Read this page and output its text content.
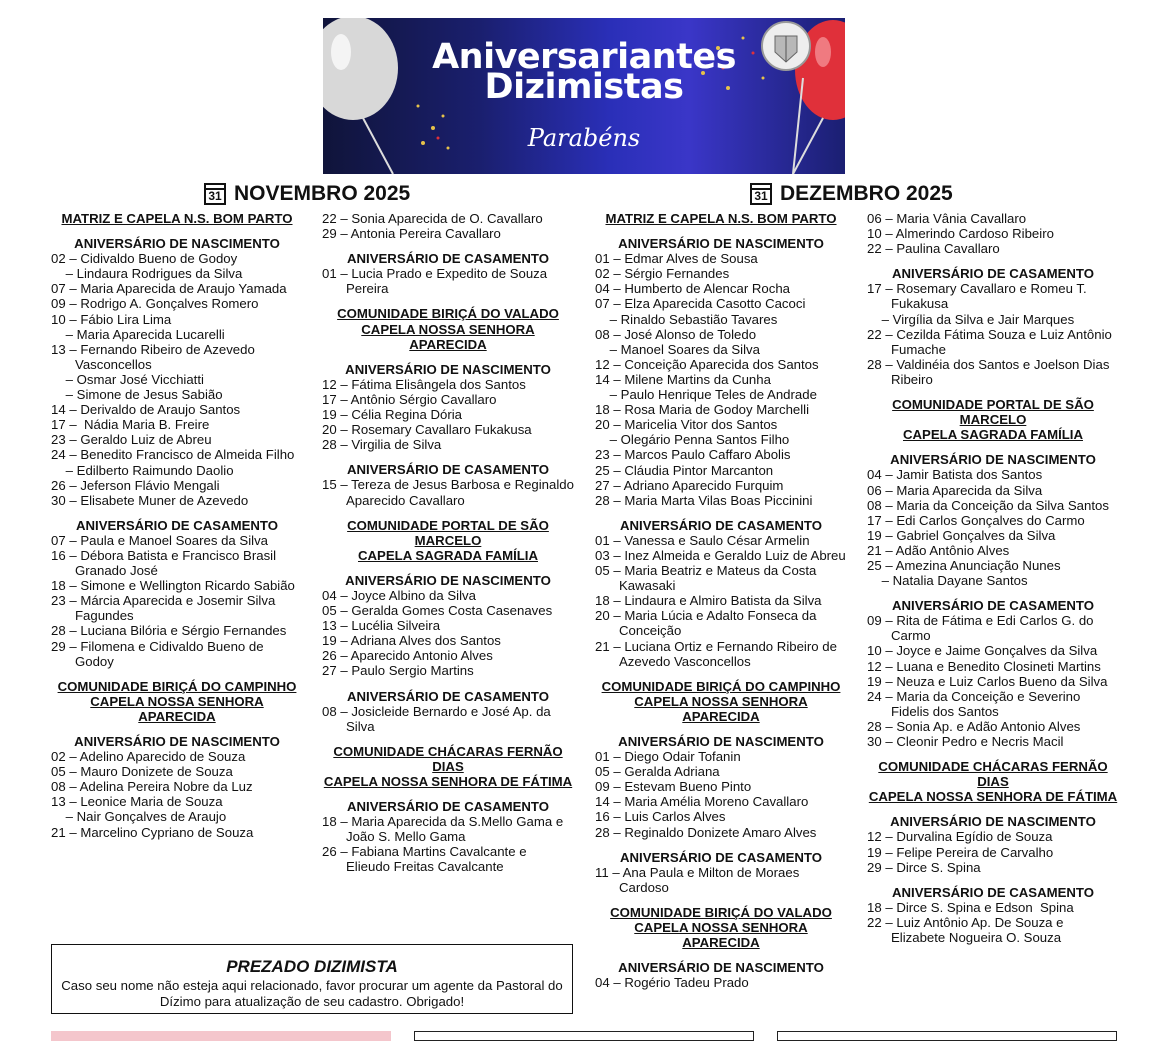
Aniversariantes
Dizimistas
Parabéns
31 NOVEMBRO 2025	31 DEZEMBRO 2025
MATRIZ E CAPELA N.S. BOM PARTO
ANIVERSÁRIO DE NASCIMENTO
02 – Cidivaldo Bueno de Godoy
– Lindaura Rodrigues da Silva
07 – Maria Aparecida de Araujo Yamada
09 – Rodrigo A. Gonçalves Romero
10 – Fábio Lira Lima
– Maria Aparecida Lucarelli
13 – Fernando Ribeiro de Azevedo Vasconcellos
– Osmar José Vicchiatti
– Simone de Jesus Sabião
14 – Derivaldo de Araujo Santos
17 –  Nádia Maria B. Freire
23 – Geraldo Luiz de Abreu
24 – Benedito Francisco de Almeida Filho
– Edilberto Raimundo Daolio
26 – Jeferson Flávio Mengali
30 – Elisabete Muner de Azevedo
ANIVERSÁRIO DE CASAMENTO
07 – Paula e Manoel Soares da Silva
16 – Débora Batista e Francisco Brasil Granado José
18 – Simone e Wellington Ricardo Sabião
23 – Márcia Aparecida e Josemir Silva Fagundes
28 – Luciana Bilória e Sérgio Fernandes
29 – Filomena e Cidivaldo Bueno de Godoy
COMUNIDADE BIRIÇÁ DO CAMPINHO
CAPELA NOSSA SENHORA APARECIDA
ANIVERSÁRIO DE NASCIMENTO
02 – Adelino Aparecido de Souza
05 – Mauro Donizete de Souza
08 – Adelina Pereira Nobre da Luz
13 – Leonice Maria de Souza
– Nair Gonçalves de Araujo
21 – Marcelino Cypriano de Souza
22 – Sonia Aparecida de O. Cavallaro
29 – Antonia Pereira Cavallaro
ANIVERSÁRIO DE CASAMENTO
01 – Lucia Prado e Expedito de Souza Pereira
COMUNIDADE BIRIÇÁ DO VALADO
CAPELA NOSSA SENHORA APARECIDA
ANIVERSÁRIO DE NASCIMENTO
12 – Fátima Elisângela dos Santos
17 – Antônio Sérgio Cavallaro
19 – Célia Regina Dória
20 – Rosemary Cavallaro Fukakusa
28 – Virgilia de Silva
ANIVERSÁRIO DE CASAMENTO
15 – Tereza de Jesus Barbosa e Reginaldo Aparecido Cavallaro
COMUNIDADE PORTAL DE SÃO MARCELO
CAPELA SAGRADA FAMÍLIA
ANIVERSÁRIO DE NASCIMENTO
04 – Joyce Albino da Silva
05 – Geralda Gomes Costa Casenaves
13 – Lucélia Silveira
19 – Adriana Alves dos Santos
26 – Aparecido Antonio Alves
27 – Paulo Sergio Martins
ANIVERSÁRIO DE CASAMENTO
08 – Josicleide Bernardo e José Ap. da Silva
COMUNIDADE CHÁCARAS FERNÃO DIAS
CAPELA NOSSA SENHORA DE FÁTIMA
ANIVERSÁRIO DE CASAMENTO
18 – Maria Aparecida da S.Mello Gama e João S. Mello Gama
26 – Fabiana Martins Cavalcante e Elieudo Freitas Cavalcante
MATRIZ E CAPELA N.S. BOM PARTO
ANIVERSÁRIO DE NASCIMENTO
01 – Edmar Alves de Sousa
02 – Sérgio Fernandes
04 – Humberto de Alencar Rocha
07 – Elza Aparecida Casotto Cacoci
– Rinaldo Sebastião Tavares
08 – José Alonso de Toledo
– Manoel Soares da Silva
12 – Conceição Aparecida dos Santos
14 – Milene Martins da Cunha
– Paulo Henrique Teles de Andrade
18 – Rosa Maria de Godoy Marchelli
20 – Maricelia Vitor dos Santos
– Olegário Penna Santos Filho
23 – Marcos Paulo Caffaro Abolis
25 – Cláudia Pintor Marcanton
27 – Adriano Aparecido Furquim
28 – Maria Marta Vilas Boas Piccinini
ANIVERSÁRIO DE CASAMENTO
01 – Vanessa e Saulo César Armelin
03 – Inez Almeida e Geraldo Luiz de Abreu
05 – Maria Beatriz e Mateus da Costa Kawasaki
18 – Lindaura e Almiro Batista da Silva
20 – Maria Lúcia e Adalto Fonseca da Conceição
21 – Luciana Ortiz e Fernando Ribeiro de Azevedo Vasconcellos
COMUNIDADE BIRIÇÁ DO CAMPINHO
CAPELA NOSSA SENHORA APARECIDA
ANIVERSÁRIO DE NASCIMENTO
01 – Diego Odair Tofanin
05 – Geralda Adriana
09 – Estevam Bueno Pinto
14 – Maria Amélia Moreno Cavallaro
16 – Luis Carlos Alves
28 – Reginaldo Donizete Amaro Alves
ANIVERSÁRIO DE CASAMENTO
11 – Ana Paula e Milton de Moraes Cardoso
COMUNIDADE BIRIÇÁ DO VALADO
CAPELA NOSSA SENHORA APARECIDA
ANIVERSÁRIO DE NASCIMENTO
04 – Rogério Tadeu Prado
06 – Maria Vânia Cavallaro
10 – Almerindo Cardoso Ribeiro
22 – Paulina Cavallaro
ANIVERSÁRIO DE CASAMENTO
17 – Rosemary Cavallaro e Romeu T. Fukakusa
– Virgília da Silva e Jair Marques
22 – Cezilda Fátima Souza e Luiz Antônio Fumache
28 – Valdinéia dos Santos e Joelson Dias Ribeiro
COMUNIDADE PORTAL DE SÃO MARCELO
CAPELA SAGRADA FAMÍLIA
ANIVERSÁRIO DE NASCIMENTO
04 – Jamir Batista dos Santos
06 – Maria Aparecida da Silva
08 – Maria da Conceição da Silva Santos
17 – Edi Carlos Gonçalves do Carmo
19 – Gabriel Gonçalves da Silva
21 – Adão Antônio Alves
25 – Amezina Anunciação Nunes
– Natalia Dayane Santos
ANIVERSÁRIO DE CASAMENTO
09 – Rita de Fátima e Edi Carlos G. do Carmo
10 – Joyce e Jaime Gonçalves da Silva
12 – Luana e Benedito Closineti Martins
19 – Neuza e Luiz Carlos Bueno da Silva
24 – Maria da Conceição e Severino Fidelis dos Santos
28 – Sonia Ap. e Adão Antonio Alves
30 – Cleonir Pedro e Necris Macil
COMUNIDADE CHÁCARAS FERNÃO DIAS
CAPELA NOSSA SENHORA DE FÁTIMA
ANIVERSÁRIO DE NASCIMENTO
12 – Durvalina Egídio de Souza
19 – Felipe Pereira de Carvalho
29 – Dirce S. Spina
ANIVERSÁRIO DE CASAMENTO
18 – Dirce S. Spina e Edson  Spina
22 – Luiz Antônio Ap. De Souza e Elizabete Nogueira O. Souza
PREZADO DIZIMISTA
Caso seu nome não esteja aqui relacionado, favor procurar um agente da Pastoral do Dízimo para atualização de seu cadastro. Obrigado!
